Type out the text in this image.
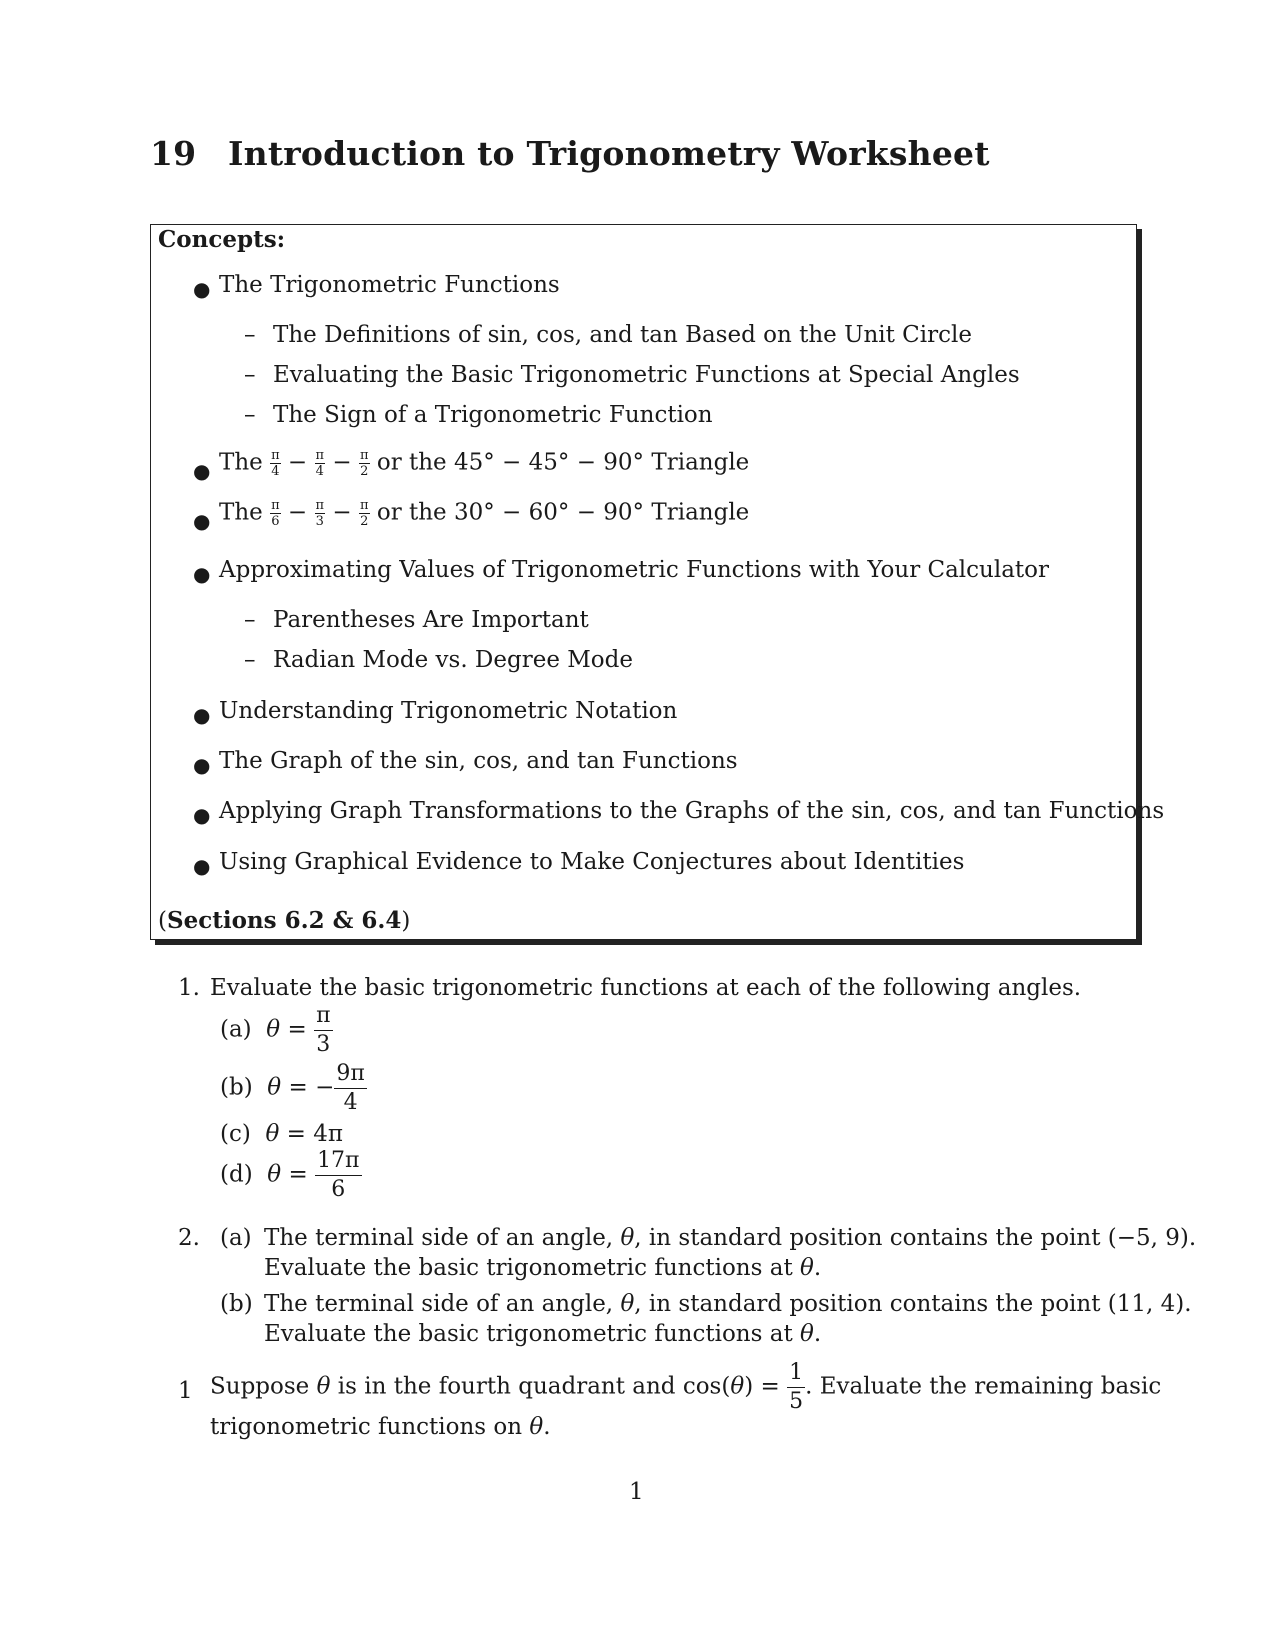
19 Introduction to Trigonometry Worksheet
Concepts:
● The Trigonometric Functions
– The Definitions of sin, cos, and tan Based on the Unit Circle
– Evaluating the Basic Trigonometric Functions at Special Angles
– The Sign of a Trigonometric Function
● The $\frac{\pi}{4} - \frac{\pi}{4} - \frac{\pi}{2}$ or the 45° − 45° − 90° Triangle
● The $\frac{\pi}{6} - \frac{\pi}{3} - \frac{\pi}{2}$ or the 30° − 60° − 90° Triangle
● Approximating Values of Trigonometric Functions with Your Calculator
– Parentheses Are Important
– Radian Mode vs. Degree Mode
● Understanding Trigonometric Notation
● The Graph of the sin, cos, and tan Functions
● Applying Graph Transformations to the Graphs of the sin, cos, and tan Functions
● Using Graphical Evidence to Make Conjectures about Identities
(Sections 6.2 & 6.4)
1. Evaluate the basic trigonometric functions at each of the following angles.
(a) $\theta = \frac{\pi}{3}$
(b) θ = − $\frac{9\pi}{4}$
(c) θ = 4π
(d) $\theta = \frac{17\pi}{6}$
2. (a) The terminal side of an angle, θ, in standard position contains the point (−5, 9).
Evaluate the basic trigonometric functions at θ.
(b) The terminal side of an angle, θ, in standard position contains the point (11, 4).
Evaluate the basic trigonometric functions at θ.
1 Suppose θ is in the fourth quadrant and $\cos(\theta) = \frac{1}{5}$ . Evaluate the remaining basic
trigonometric functions on θ.
1
